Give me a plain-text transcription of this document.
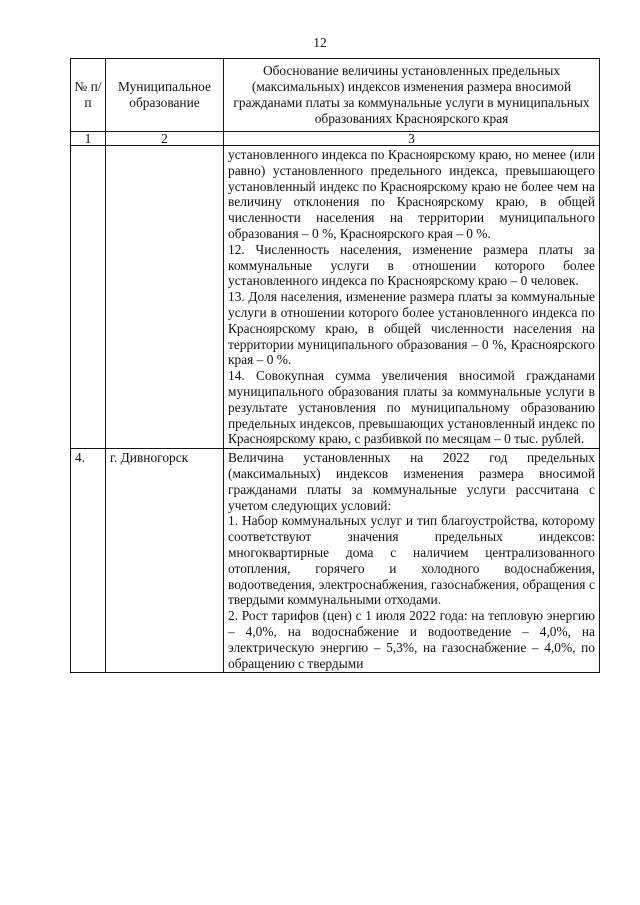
12
№ п/п	Муниципальное образование	Обоснование величины установленных предельных (максимальных) индексов изменения размера вносимой гражданами платы за коммунальные услуги в муниципальных образованиях Красноярского края
1	2	3

		установленного индекса по Красноярскому краю, но менее (или равно) установленного предельного индекса, превышающего установленный индекс по Красноярскому краю не более чем на величину отклонения по Красноярскому краю, в общей численности населения на территории муниципального образования – 0 %, Красноярского края – 0 %.

12. Численность населения, изменение размера платы за коммунальные услуги в отношении которого более установленного индекса по Красноярскому краю – 0 человек.

13. Доля населения, изменение размера платы за коммунальные услуги в отношении которого более установленного индекса по Красноярскому краю, в общей численности населения на территории муниципального образования – 0 %, Красноярского края – 0 %.

14. Совокупная сумма увеличения вносимой гражданами муниципального образования платы за коммунальные услуги в результате установления по муниципальному образованию предельных индексов, превышающих установленный индекс по Красноярскому краю, с разбивкой по месяцам – 0 тыс. рублей.

4.	г. Дивногорск	Величина установленных на 2022 год предельных (максимальных) индексов изменения размера вносимой гражданами платы за коммунальные услуги рассчитана с учетом следующих условий:

1. Набор коммунальных услуг и тип благоустройства, которому соответствуют значения предельных индексов: многоквартирные дома с наличием централизованного отопления, горячего и холодного водоснабжения, водоотведения, электроснабжения, газоснабжения, обращения с твердыми коммунальными отходами.

2. Рост тарифов (цен) с 1 июля 2022 года: на тепловую энергию – 4,0%, на водоснабжение и водоотведение – 4,0%, на электрическую энергию – 5,3%, на газоснабжение – 4,0%, по обращению с твердыми
